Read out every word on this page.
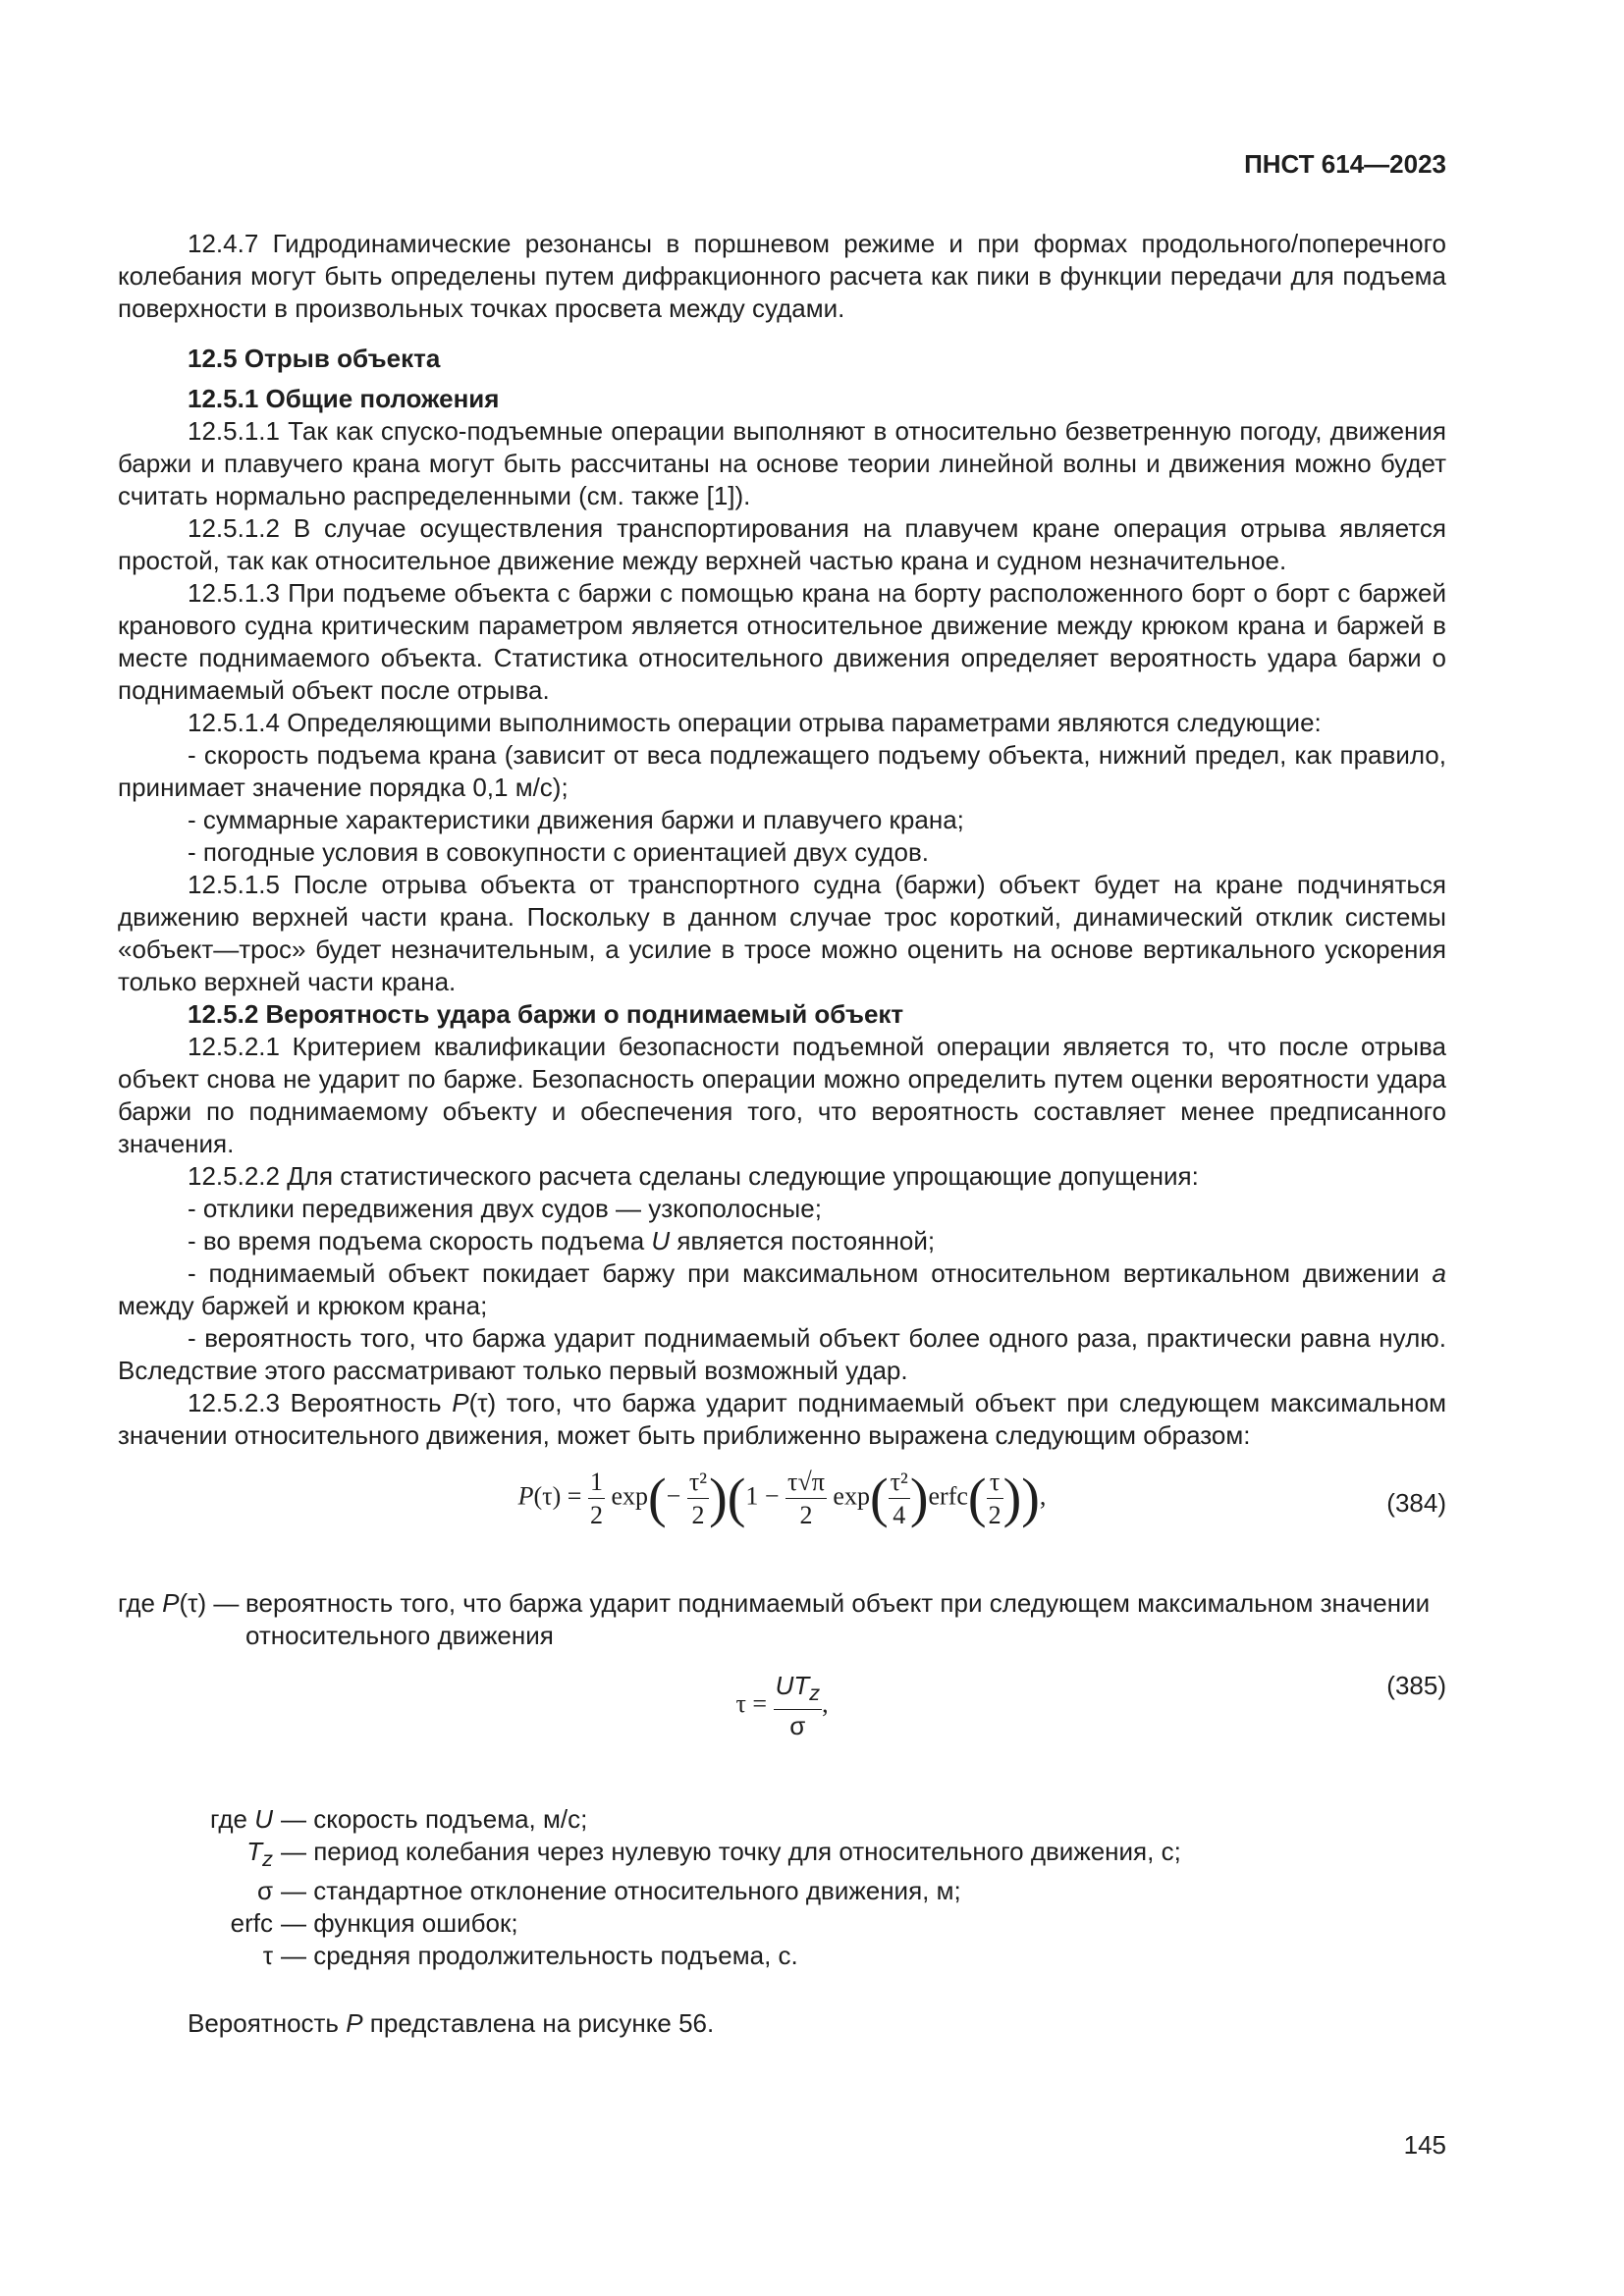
ПНСТ 614—2023

12.4.7 Гидродинамические резонансы в поршневом режиме и при формах продольного/поперечного колебания могут быть определены путем дифракционного расчета как пики в функции передачи для подъема поверхности в произвольных точках просвета между судами.

12.5 Отрыв объекта

12.5.1 Общие положения

12.5.1.1 Так как спуско-подъемные операции выполняют в относительно безветренную погоду, движения баржи и плавучего крана могут быть рассчитаны на основе теории линейной волны и движения можно будет считать нормально распределенными (см. также [1]).

12.5.1.2 В случае осуществления транспортирования на плавучем кране операция отрыва является простой, так как относительное движение между верхней частью крана и судном незначительное.

12.5.1.3 При подъеме объекта с баржи с помощью крана на борту расположенного борт о борт с баржей кранового судна критическим параметром является относительное движение между крюком крана и баржей в месте поднимаемого объекта. Статистика относительного движения определяет вероятность удара баржи о поднимаемый объект после отрыва.

12.5.1.4 Определяющими выполнимость операции отрыва параметрами являются следующие:

- скорость подъема крана (зависит от веса подлежащего подъему объекта, нижний предел, как правило, принимает значение порядка 0,1 м/с);

- суммарные характеристики движения баржи и плавучего крана;

- погодные условия в совокупности с ориентацией двух судов.

12.5.1.5 После отрыва объекта от транспортного судна (баржи) объект будет на кране подчиняться движению верхней части крана. Поскольку в данном случае трос короткий, динамический отклик системы «объект—трос» будет незначительным, а усилие в тросе можно оценить на основе вертикального ускорения только верхней части крана.

12.5.2 Вероятность удара баржи о поднимаемый объект

12.5.2.1 Критерием квалификации безопасности подъемной операции является то, что после отрыва объект снова не ударит по барже. Безопасность операции можно определить путем оценки вероятности удара баржи по поднимаемому объекту и обеспечения того, что вероятность составляет менее предписанного значения.

12.5.2.2 Для статистического расчета сделаны следующие упрощающие допущения:

- отклики передвижения двух судов — узкополосные;

- во время подъема скорость подъема U является постоянной;

- поднимаемый объект покидает баржу при максимальном относительном вертикальном движении a между баржей и крюком крана;

- вероятность того, что баржа ударит поднимаемый объект более одного раза, практически равна нулю. Вследствие этого рассматривают только первый возможный удар.

12.5.2.3 Вероятность P(τ) того, что баржа ударит поднимаемый объект при следующем максимальном значении относительного движения, может быть приближенно выражена следующим образом:

$P(\tau) = \frac{1}{2} \exp(- \frac{\text{τ²}}{2} )(1 - \frac{\tau√\pi}{2} \exp( \frac{\text{τ²}}{4}$ )erfc( $\frac{\tau}{2}$ )),	(384)
где P(τ) — вероятность того, что баржа ударит поднимаемый объект при следующем максимальном значении относительного движения
$\tau = \frac{UT_z}{\sigma}$ ,
(385)
где U — скорость подъема, м/с;
$T_z$ — период колебания через нулевую точку для относительного движения, с;
σ — стандартное отклонение относительного движения, м;
erfc — функция ошибок;
τ — средняя продолжительность подъема, с.

Вероятность P представлена на рисунке 56.

145
